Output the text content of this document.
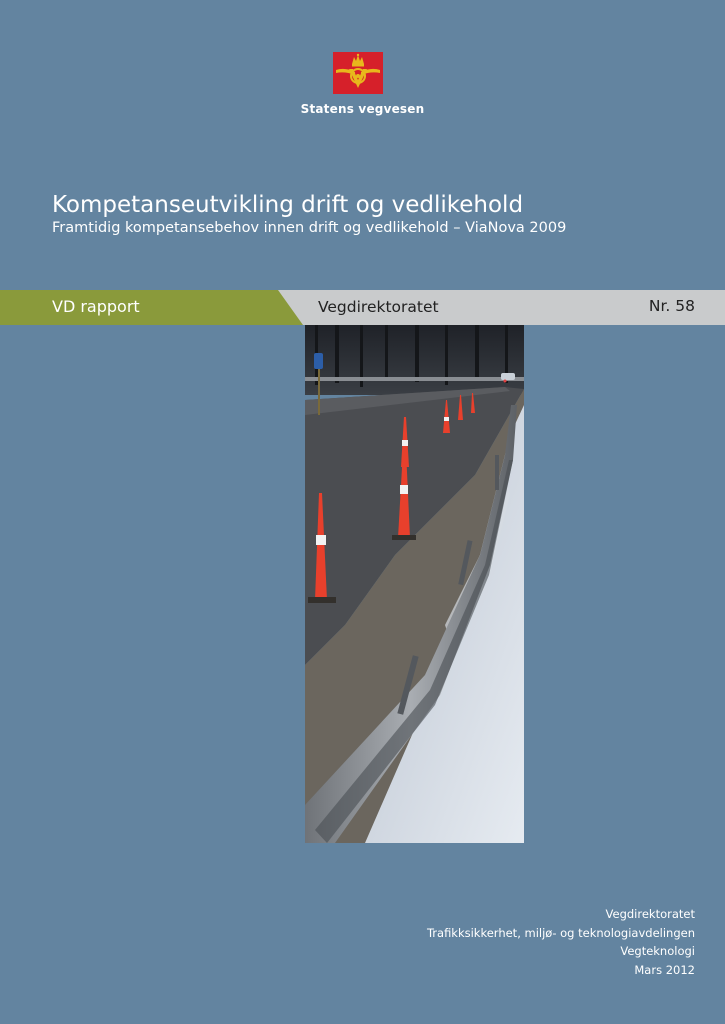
Statens vegvesen
Kompetanseutvikling drift og vedlikehold
Framtidig kompetansebehov innen drift og vedlikehold – ViaNova 2009
VD rapport	Vegdirektoratet	Nr. 58
Vegdirektoratet
Trafikksikkerhet, miljø- og teknologiavdelingen
Vegteknologi
Mars 2012
